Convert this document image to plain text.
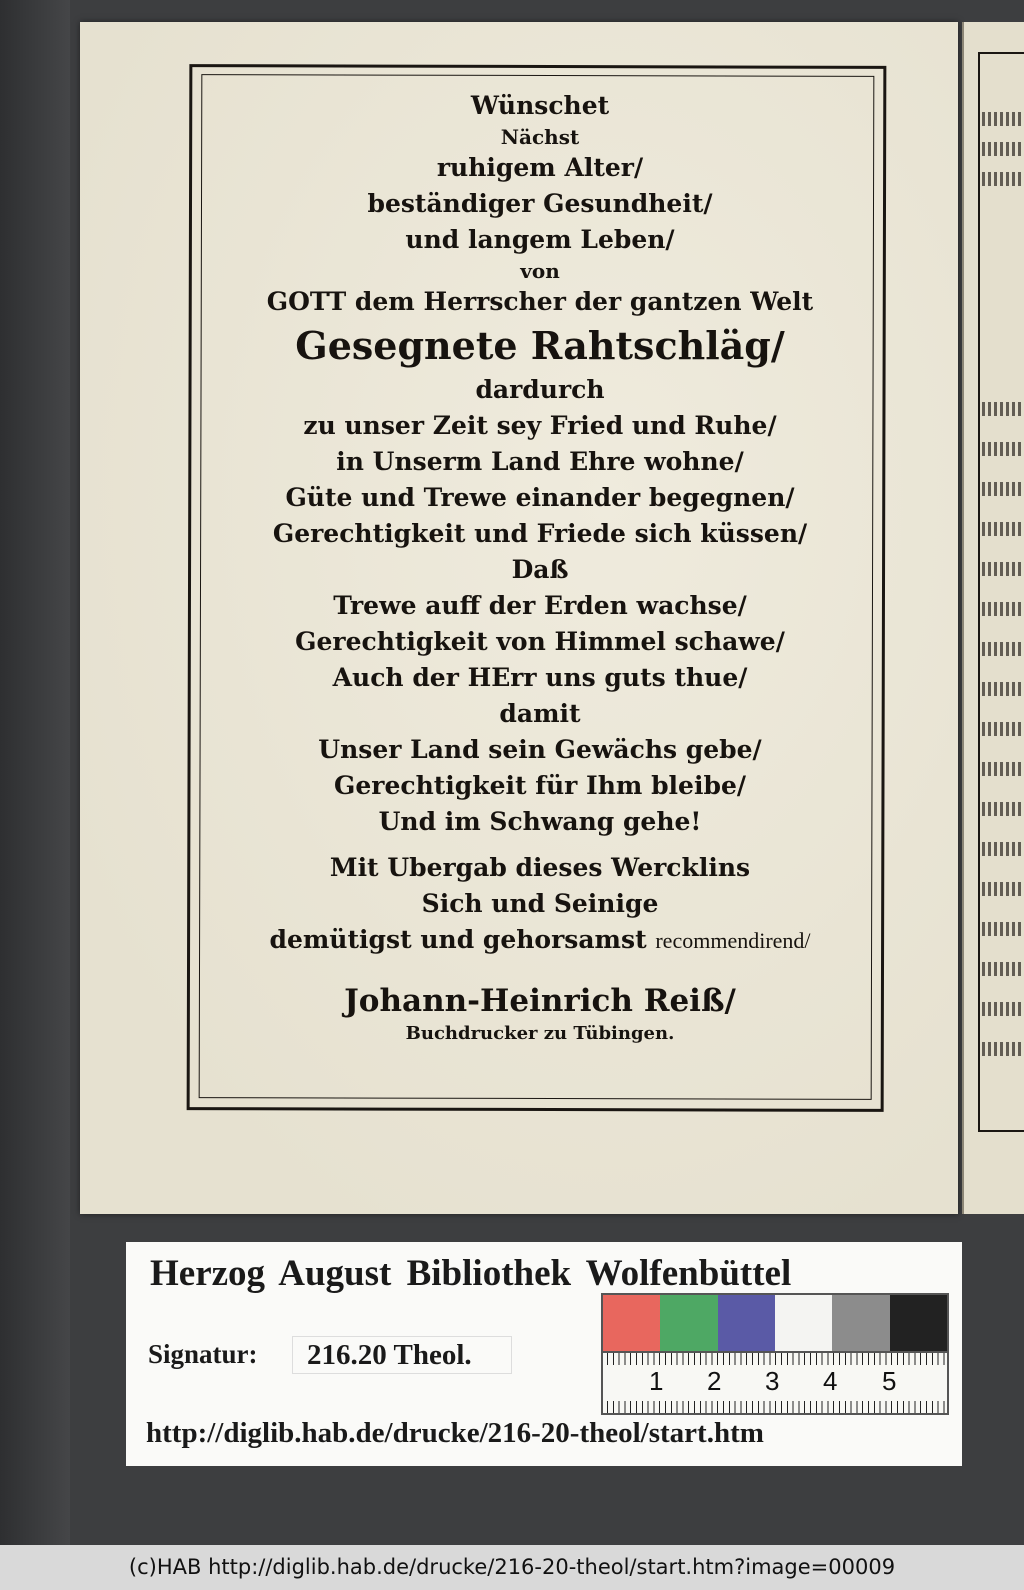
Wünschet
Nächst
ruhigem Alter/
beständiger Gesundheit/
und langem Leben/
von
GOTT dem Herrscher der gantzen Welt
Gesegnete Rahtschläg/
dardurch
zu unser Zeit sey Fried und Ruhe/
in Unserm Land Ehre wohne/
Güte und Trewe einander begegnen/
Gerechtigkeit und Friede sich küssen/
Daß
Trewe auff der Erden wachse/
Gerechtigkeit von Himmel schawe/
Auch der HErr uns guts thue/
damit
Unser Land sein Gewächs gebe/
Gerechtigkeit für Ihm bleibe/
Und im Schwang gehe!
Mit Ubergab dieses Wercklins
Sich und Seinige
demütigst und gehorsamst recommendirend/
Johann-Heinrich Reiß/
Buchdrucker zu Tübingen.
Herzog August Bibliothek Wolfenbüttel
Signatur:	216.20 Theol.
http://diglib.hab.de/drucke/216-20-theol/start.htm
1 2 3 4 5
(c)HAB http://diglib.hab.de/drucke/216-20-theol/start.htm?image=00009
